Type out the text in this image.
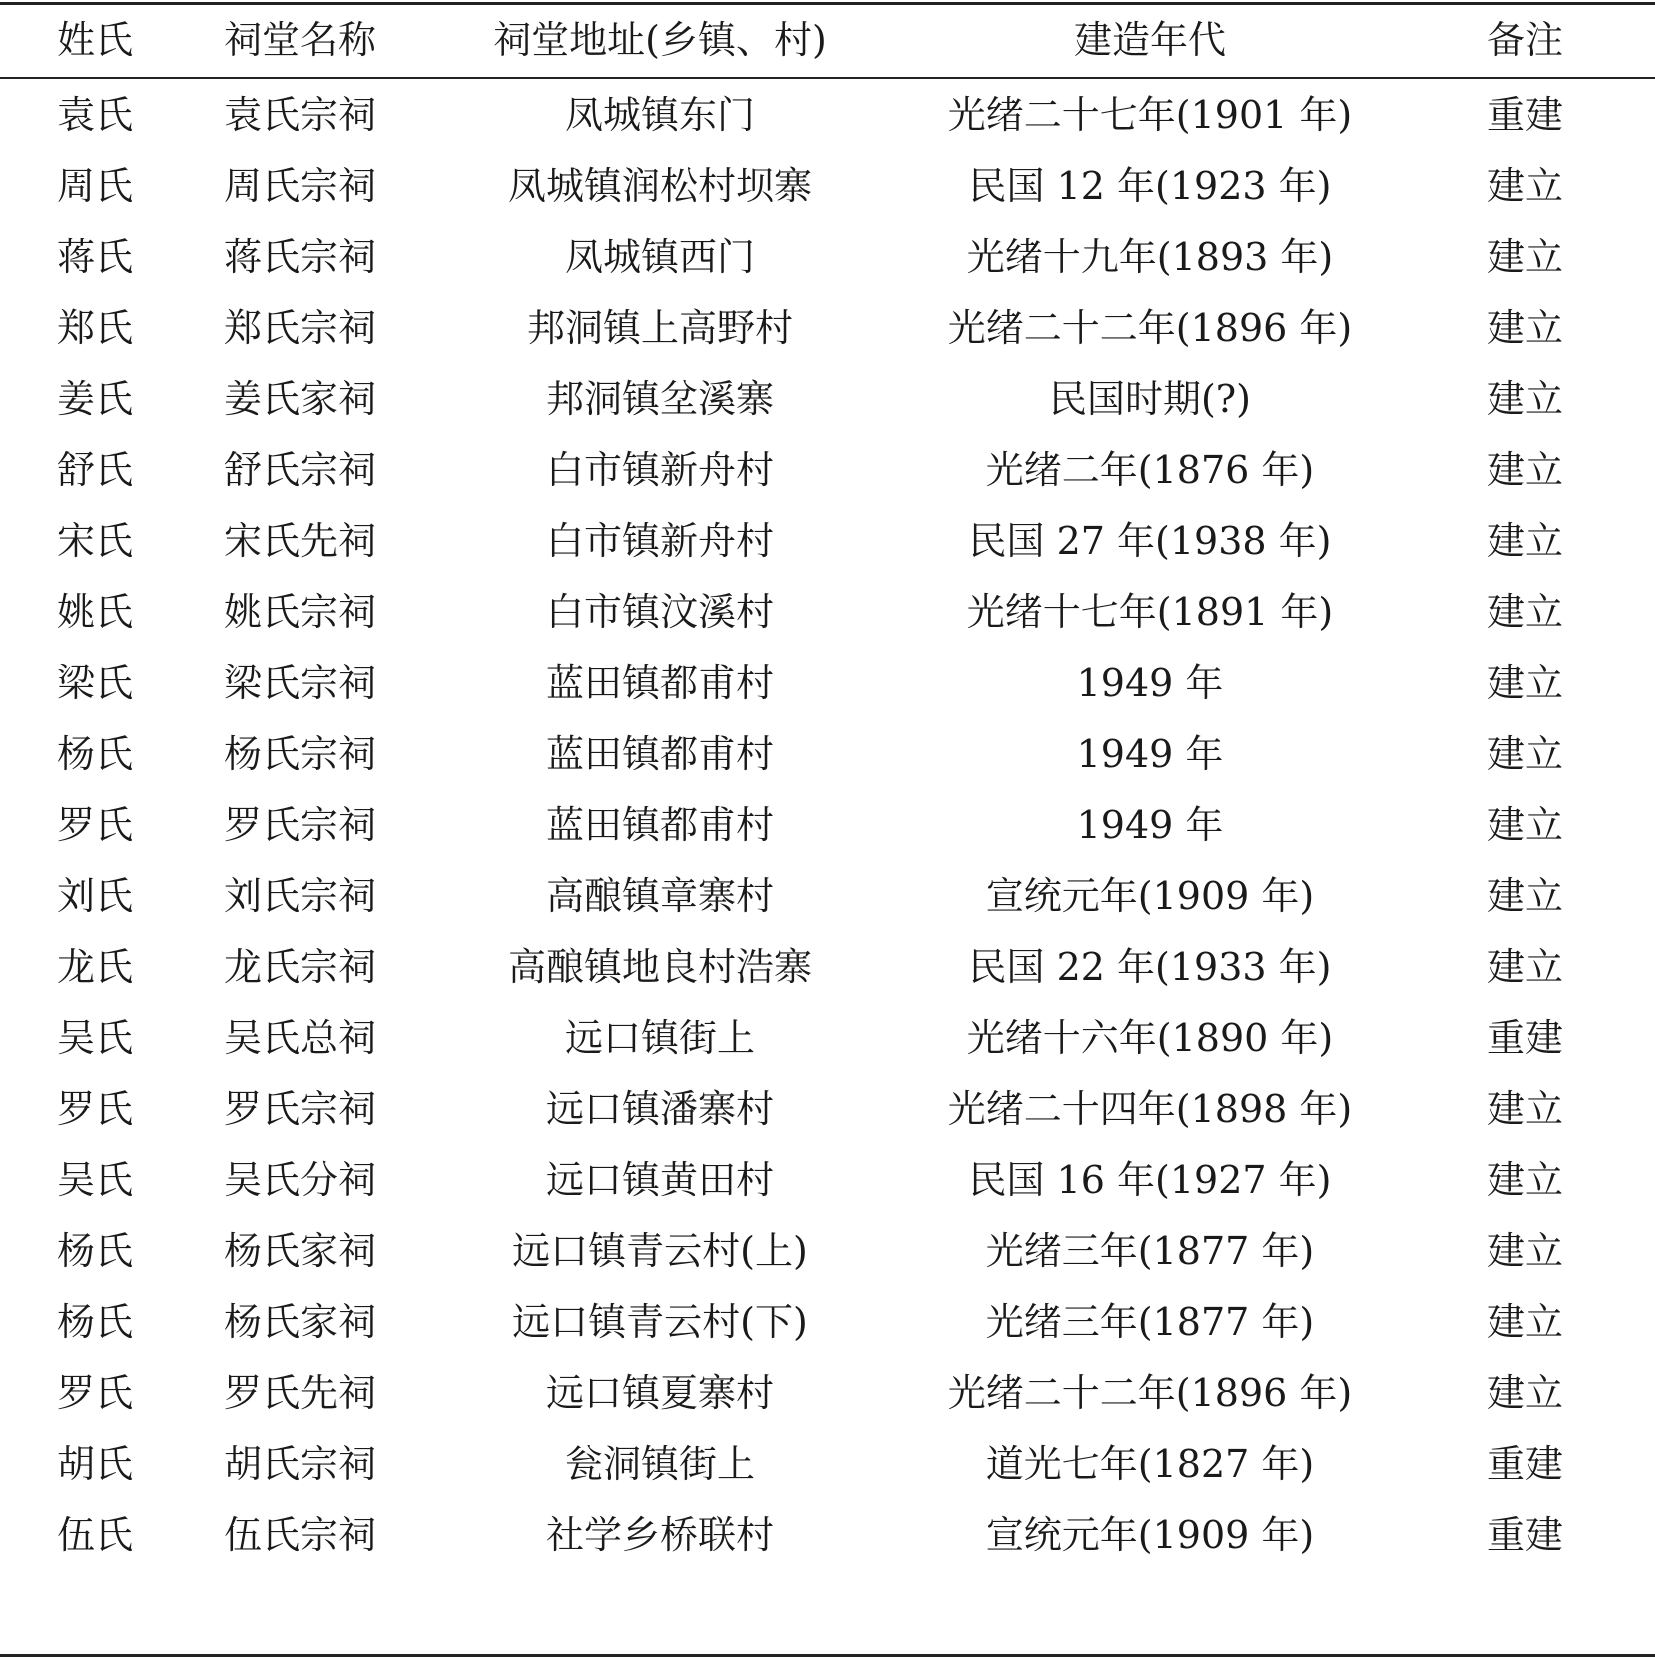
姓氏	祠堂名称	祠堂地址(乡镇、村)	建造年代	备注
袁氏	袁氏宗祠	凤城镇东门	光绪二十七年(1901 年)	重建
周氏	周氏宗祠	凤城镇润松村坝寨	民国 12 年(1923 年)	建立
蒋氏	蒋氏宗祠	凤城镇西门	光绪十九年(1893 年)	建立
郑氏	郑氏宗祠	邦洞镇上高野村	光绪二十二年(1896 年)	建立
姜氏	姜氏家祠	邦洞镇坌溪寨	民国时期(?)	建立
舒氏	舒氏宗祠	白市镇新舟村	光绪二年(1876 年)	建立
宋氏	宋氏先祠	白市镇新舟村	民国 27 年(1938 年)	建立
姚氏	姚氏宗祠	白市镇汶溪村	光绪十七年(1891 年)	建立
梁氏	梁氏宗祠	蓝田镇都甫村	1949 年	建立
杨氏	杨氏宗祠	蓝田镇都甫村	1949 年	建立
罗氏	罗氏宗祠	蓝田镇都甫村	1949 年	建立
刘氏	刘氏宗祠	高酿镇章寨村	宣统元年(1909 年)	建立
龙氏	龙氏宗祠	高酿镇地良村浩寨	民国 22 年(1933 年)	建立
吴氏	吴氏总祠	远口镇街上	光绪十六年(1890 年)	重建
罗氏	罗氏宗祠	远口镇潘寨村	光绪二十四年(1898 年)	建立
吴氏	吴氏分祠	远口镇黄田村	民国 16 年(1927 年)	建立
杨氏	杨氏家祠	远口镇青云村(上)	光绪三年(1877 年)	建立
杨氏	杨氏家祠	远口镇青云村(下)	光绪三年(1877 年)	建立
罗氏	罗氏先祠	远口镇夏寨村	光绪二十二年(1896 年)	建立
胡氏	胡氏宗祠	瓮洞镇街上	道光七年(1827 年)	重建
伍氏	伍氏宗祠	社学乡桥联村	宣统元年(1909 年)	重建
